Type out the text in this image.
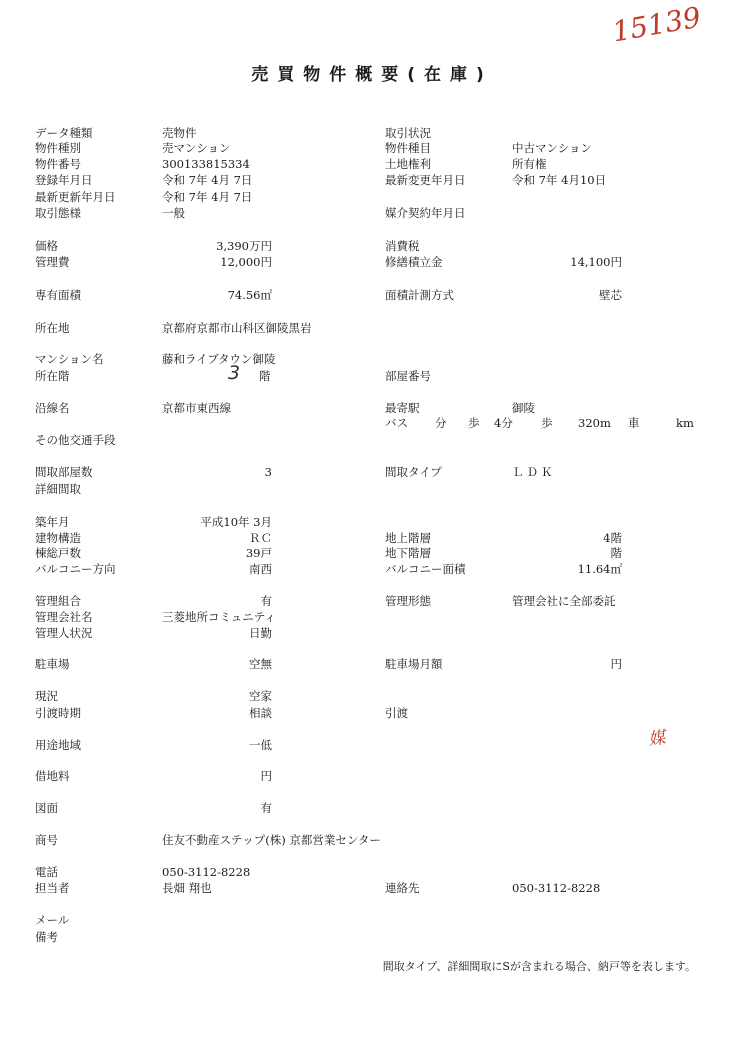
15139
売買物件概要(在庫)
データ種類	売物件	取引状況
物件種別	売マンション	物件種目	中古マンション
物件番号	300133815334	土地権利	所有権
登録年月日	令和 7年 4月 7日	最新変更年月日	令和 7年 4月10日
最新更新年月日	令和 7年 4月 7日
取引態様	一般	媒介契約年月日
価格	3,390万円	消費税
管理費	12,000円	修繕積立金	14,100円
専有面積	74.56㎡	面積計測方式	壁芯
所在地	京都府京都市山科区御陵黒岩
マンション名	藤和ライブタウン御陵
所在階	3 階	部屋番号
沿線名	京都市東西線	最寄駅	御陵
バス 分 歩 4分 歩 320m 車	km
その他交通手段
間取部屋数	3	間取タイプ	ＬＤＫ
詳細間取
築年月	平成10年 3月
建物構造	ＲＣ	地上階層	4階
棟総戸数	39戸	地下階層	階
バルコニー方向	南西	バルコニー面積	11.64㎡
管理組合	有	管理形態	管理会社に全部委託
管理会社名	三菱地所コミュニティ
管理人状況	日勤
駐車場	空無	駐車場月額	円
現況	空家
引渡時期	相談	引渡
媒
用途地域	一低
借地料	円
図面	有
商号	住友不動産ステップ(株) 京都営業センター
電話	050-3112-8228
担当者	長畑 翔也	連絡先	050-3112-8228
メール
備考
間取タイプ、詳細間取にSが含まれる場合、納戸等を表します。
